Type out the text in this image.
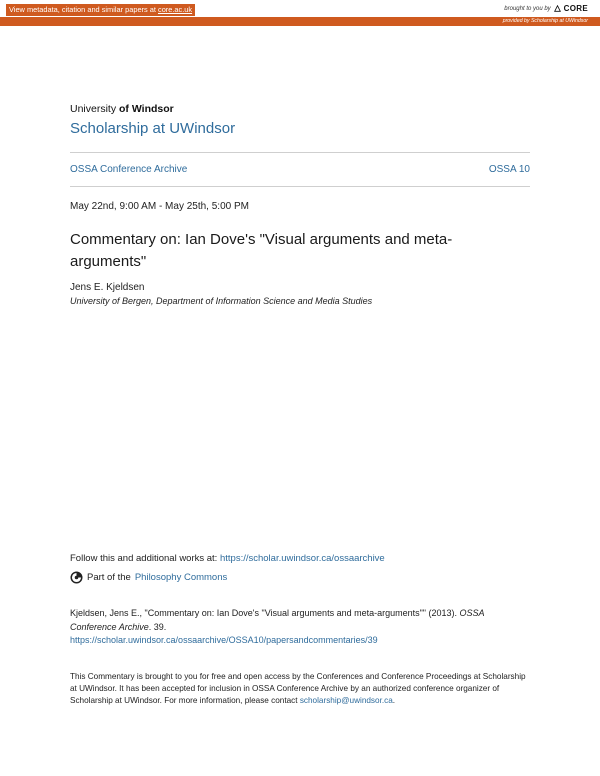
View metadata, citation and similar papers at core.ac.uk	brought to you by CORE
provided by Scholarship at UWindsor
University of Windsor
Scholarship at UWindsor
OSSA Conference Archive	OSSA 10
May 22nd, 9:00 AM - May 25th, 5:00 PM
Commentary on: Ian Dove's "Visual arguments and meta-arguments"
Jens E. Kjeldsen
University of Bergen, Department of Information Science and Media Studies
Follow this and additional works at: https://scholar.uwindsor.ca/ossaarchive
Part of the Philosophy Commons
Kjeldsen, Jens E., "Commentary on: Ian Dove's "Visual arguments and meta-arguments"" (2013). OSSA Conference Archive. 39.
https://scholar.uwindsor.ca/ossaarchive/OSSA10/papersandcommentaries/39
This Commentary is brought to you for free and open access by the Conferences and Conference Proceedings at Scholarship at UWindsor. It has been accepted for inclusion in OSSA Conference Archive by an authorized conference organizer of Scholarship at UWindsor. For more information, please contact scholarship@uwindsor.ca.
